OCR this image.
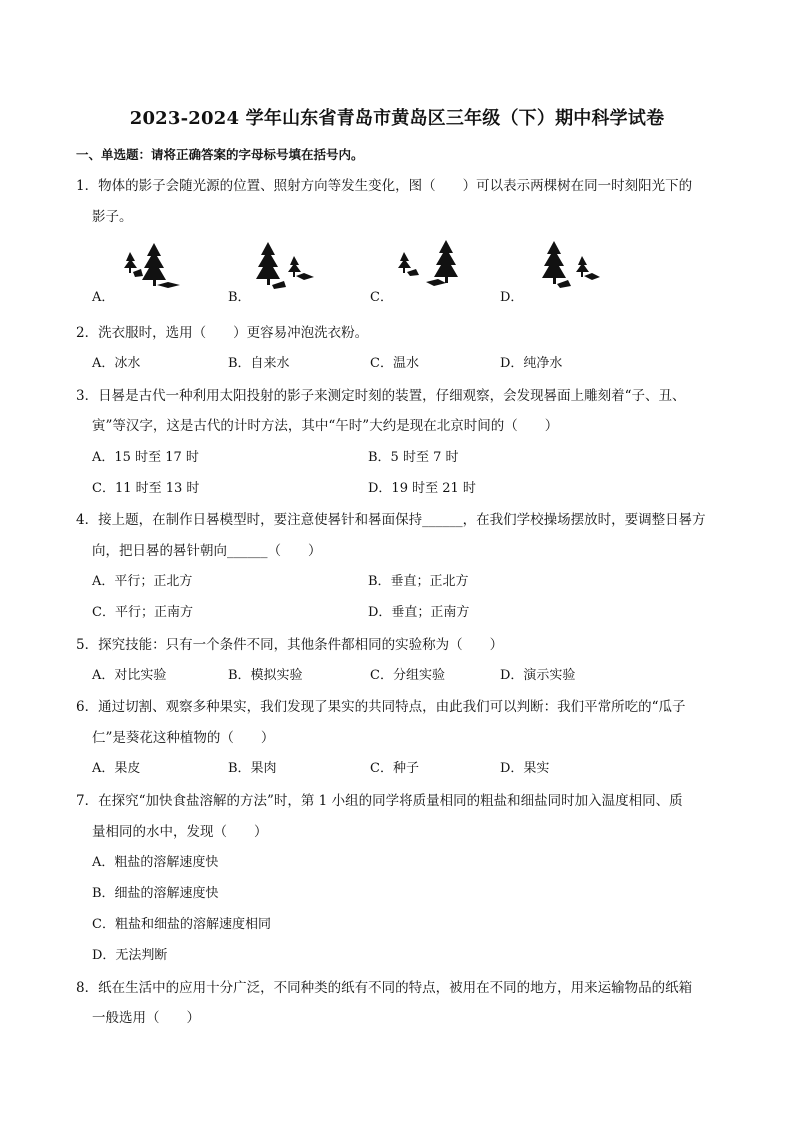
2023-2024 学年山东省青岛市黄岛区三年级（下）期中科学试卷
一、单选题：请将正确答案的字母标号填在括号内。
1．物体的影子会随光源的位置、照射方向等发生变化，图（　　）可以表示两棵树在同一时刻阳光下的
影子。
A．	B．	C．	D．
2．洗衣服时，选用（　　）更容易冲泡洗衣粉。
A．冰水	B．自来水	C．温水	D．纯净水
3．日晷是古代一种利用太阳投射的影子来测定时刻的装置，仔细观察，会发现晷面上雕刻着“子、丑、
寅”等汉字，这是古代的计时方法，其中“午时”大约是现在北京时间的（　　）
A．15 时至 17 时	B．5 时至 7 时
C．11 时至 13 时	D．19 时至 21 时
4．接上题，在制作日晷模型时，要注意使晷针和晷面保持______，在我们学校操场摆放时，要调整日晷方
向，把日晷的晷针朝向______（　　）
A．平行；正北方	B．垂直；正北方
C．平行；正南方	D．垂直；正南方
5．探究技能：只有一个条件不同，其他条件都相同的实验称为（　　）
A．对比实验	B．模拟实验	C．分组实验	D．演示实验
6．通过切割、观察多种果实，我们发现了果实的共同特点，由此我们可以判断：我们平常所吃的“瓜子
仁”是葵花这种植物的（　　）
A．果皮	B．果肉	C．种子	D．果实
7．在探究“加快食盐溶解的方法”时，第 1 小组的同学将质量相同的粗盐和细盐同时加入温度相同、质
量相同的水中，发现（　　）
A．粗盐的溶解速度快
B．细盐的溶解速度快
C．粗盐和细盐的溶解速度相同
D．无法判断
8．纸在生活中的应用十分广泛，不同种类的纸有不同的特点，被用在不同的地方，用来运输物品的纸箱
一般选用（　　）
